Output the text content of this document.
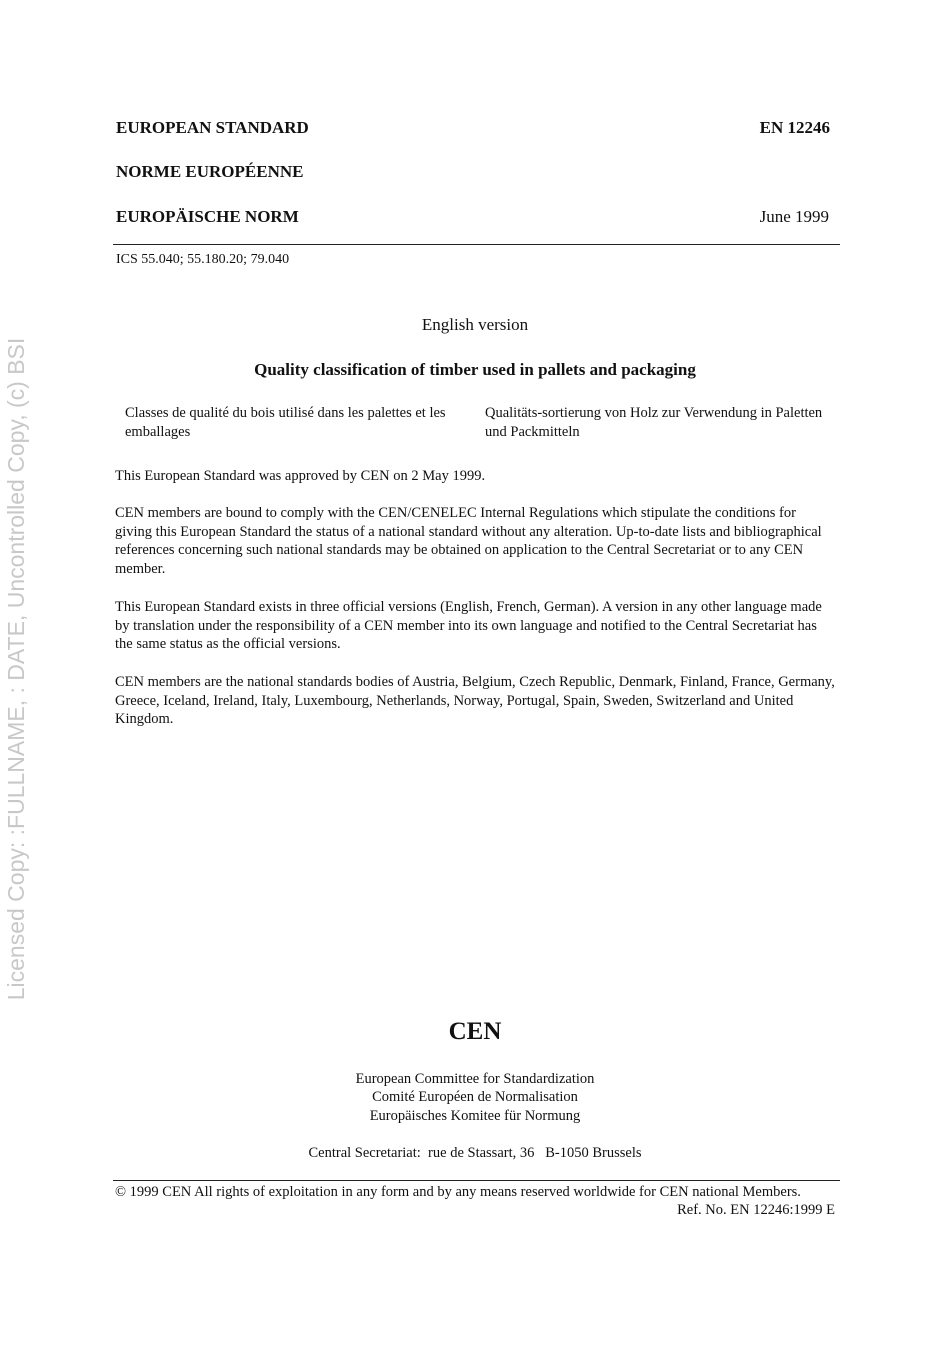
Licensed Copy: :FULLNAME, : DATE, Uncontrolled Copy, (c) BSI
EUROPEAN STANDARD	EN 12246
NORME EUROPÉENNE
EUROPÄISCHE NORM	June 1999
ICS 55.040; 55.180.20; 79.040
English version
Quality classification of timber used in pallets and packaging
Classes de qualité du bois utilisé dans les palettes et les emballages
Qualitäts-sortierung von Holz zur Verwendung in Paletten und Packmitteln
This European Standard was approved by CEN on 2 May 1999.
CEN members are bound to comply with the CEN/CENELEC Internal Regulations which stipulate the conditions for giving this European Standard the status of a national standard without any alteration. Up-to-date lists and bibliographical references concerning such national standards may be obtained on application to the Central Secretariat or to any CEN member.
This European Standard exists in three official versions (English, French, German). A version in any other language made by translation under the responsibility of a CEN member into its own language and notified to the Central Secretariat has the same status as the official versions.
CEN members are the national standards bodies of Austria, Belgium, Czech Republic, Denmark, Finland, France, Germany, Greece, Iceland, Ireland, Italy, Luxembourg, Netherlands, Norway, Portugal, Spain, Sweden, Switzerland and United Kingdom.
CEN
European Committee for Standardization
Comité Européen de Normalisation
Europäisches Komitee für Normung
Central Secretariat:  rue de Stassart, 36   B-1050 Brussels
© 1999 CEN All rights of exploitation in any form and by any means reserved worldwide for CEN national Members.
Ref. No. EN 12246:1999 E
